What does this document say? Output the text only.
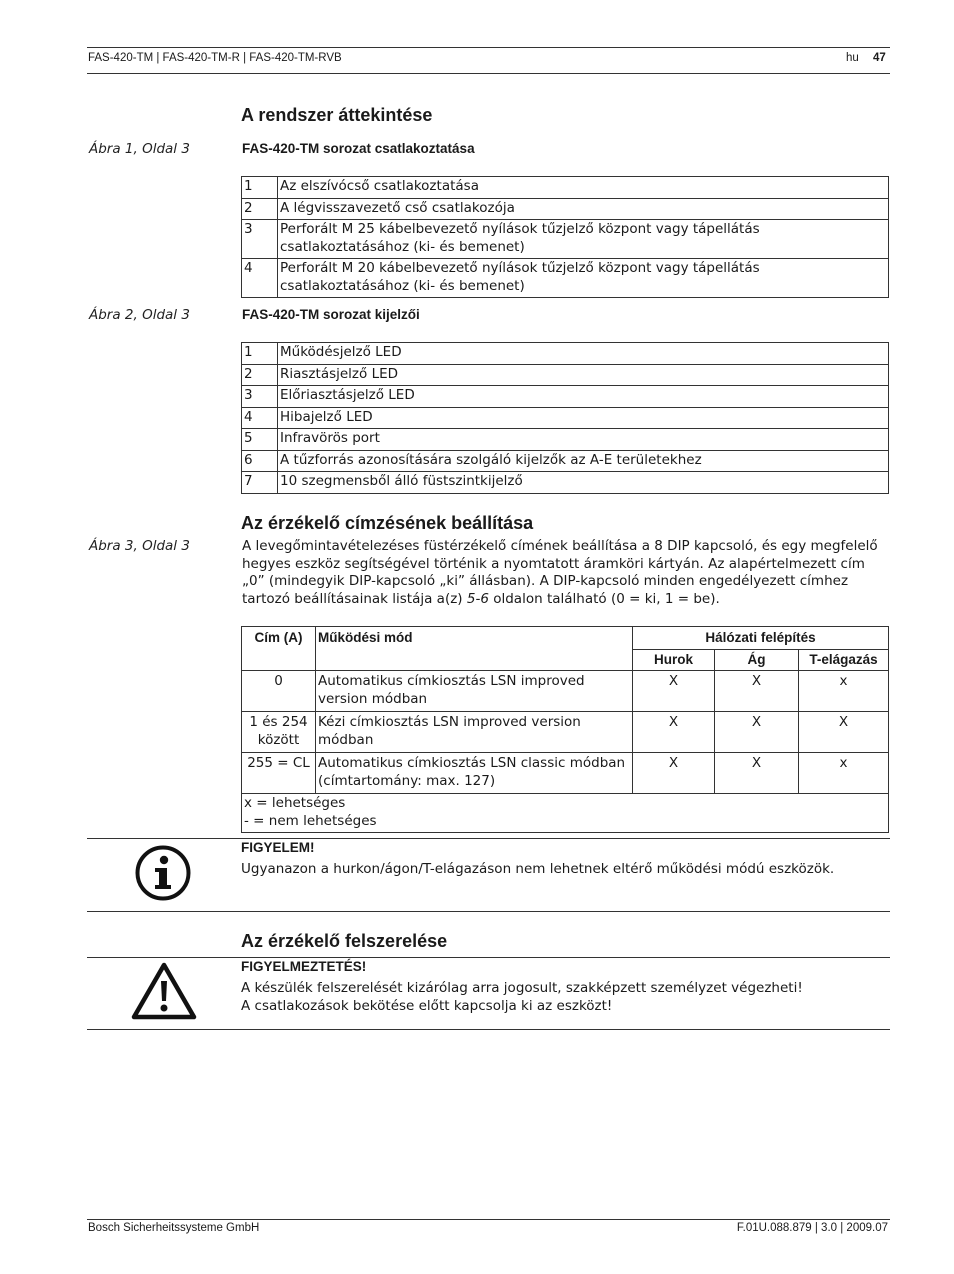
FAS-420-TM | FAS-420-TM-R | FAS-420-TM-RVB	hu 47
A rendszer áttekintése
Ábra 1, Oldal 3	FAS-420-TM sorozat csatlakoztatása
1	Az elszívócső csatlakoztatása
2	A légvisszavezető cső csatlakozója
3	Perforált M 25 kábelbevezető nyílások tűzjelző központ vagy tápellátás csatlakoztatásához (ki- és bemenet)
4	Perforált M 20 kábelbevezető nyílások tűzjelző központ vagy tápellátás csatlakoztatásához (ki- és bemenet)
Ábra 2, Oldal 3	FAS-420-TM sorozat kijelzői
1	Működésjelző LED
2	Riasztásjelző LED
3	Előriasztásjelző LED
4	Hibajelző LED
5	Infravörös port
6	A tűzforrás azonosítására szolgáló kijelzők az A-E területekhez
7	10 szegmensből álló füstszintkijelző
Az érzékelő címzésének beállítása
Ábra 3, Oldal 3	A levegőmintavételezéses füstérzékelő címének beállítása a 8 DIP kapcsoló, és egy megfelelő
hegyes eszköz segítségével történik a nyomtatott áramköri kártyán. Az alapértelmezett cím
„0” (mindegyik DIP-kapcsoló „ki” állásban). A DIP-kapcsoló minden engedélyezett címhez
tartozó beállításainak listája a(z) 5-6 oldalon található (0 = ki, 1 = be).
Cím (A)	Működési mód	Hálózati felépítés		
		Hurok	Ág	T-elágazás
0	Automatikus címkiosztás LSN improved version módban	X	X	x
1 és 254 között	Kézi címkiosztás LSN improved version módban	X	X	X
255 = CL	Automatikus címkiosztás LSN classic módban (címtartomány: max. 127)	X	X	x

x = lehetséges
- = nem lehetséges				
FIGYELEM!
Ugyanazon a hurkon/ágon/T-elágazáson nem lehetnek eltérő működési módú eszközök.
Az érzékelő felszerelése
FIGYELMEZTETÉS!
A készülék felszerelését kizárólag arra jogosult, szakképzett személyzet végezheti!
A csatlakozások bekötése előtt kapcsolja ki az eszközt!
Bosch Sicherheitssysteme GmbH	F.01U.088.879 | 3.0 | 2009.07
